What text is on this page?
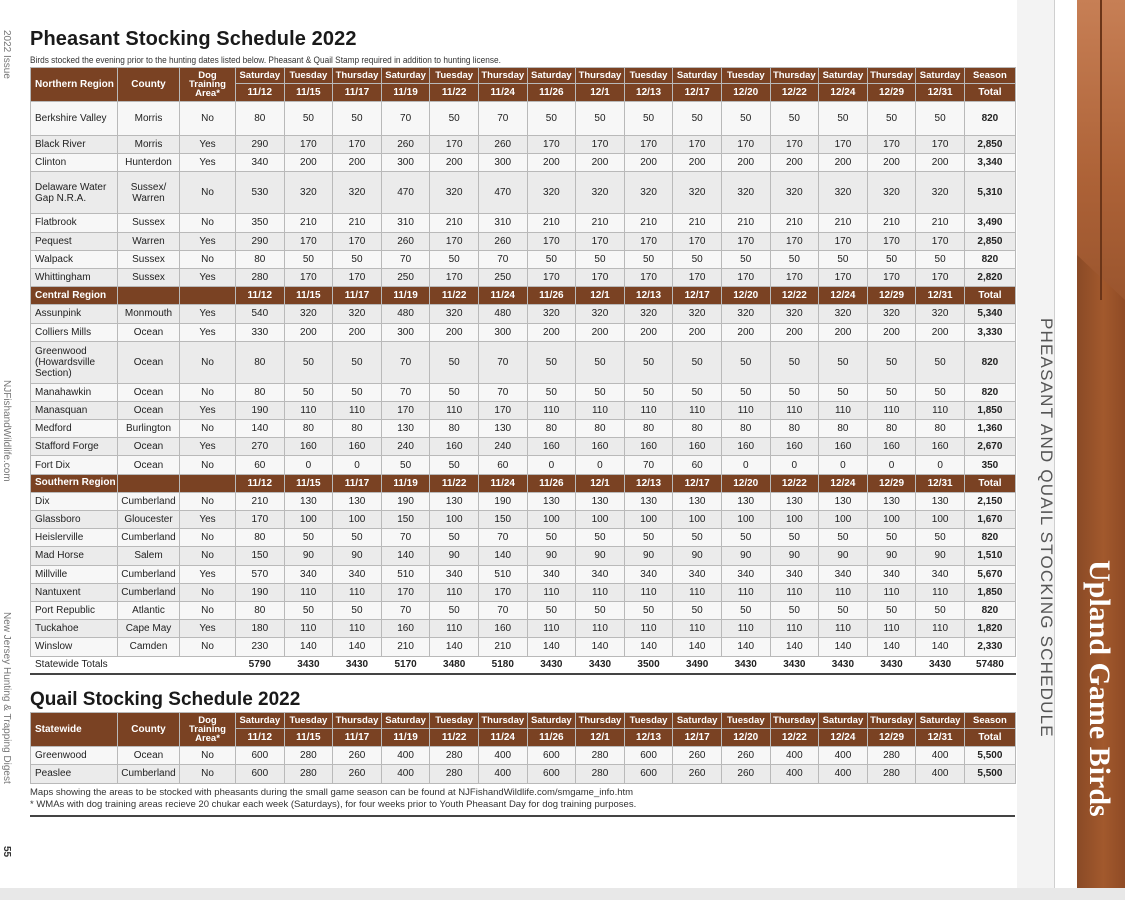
2022 Issue
NJFishandWildlife.com
New Jersey Hunting & Trapping Digest
55
Pheasant Stocking Schedule 2022
Birds stocked the evening prior to the hunting dates listed below. Pheasant & Quail Stamp required in addition to hunting license.
Northern Region	County	Dog Training Area*	Saturday	Tuesday	Thursday	Saturday	Tuesday	Thursday	Saturday	Thursday	Tuesday	Saturday	Tuesday	Thursday	Saturday	Thursday	Saturday	Season
			11/12	11/15	11/17	11/19	11/22	11/24	11/26	12/1	12/13	12/17	12/20	12/22	12/24	12/29	12/31	Total
Berkshire Valley	Morris	No	80	50	50	70	50	70	50	50	50	50	50	50	50	50	50	820
Black River	Morris	Yes	290	170	170	260	170	260	170	170	170	170	170	170	170	170	170	2,850
Clinton	Hunterdon	Yes	340	200	200	300	200	300	200	200	200	200	200	200	200	200	200	3,340
Delaware Water Gap N.R.A.	Sussex/ Warren	No	530	320	320	470	320	470	320	320	320	320	320	320	320	320	320	5,310
Flatbrook	Sussex	No	350	210	210	310	210	310	210	210	210	210	210	210	210	210	210	3,490
Pequest	Warren	Yes	290	170	170	260	170	260	170	170	170	170	170	170	170	170	170	2,850
Walpack	Sussex	No	80	50	50	70	50	70	50	50	50	50	50	50	50	50	50	820
Whittingham	Sussex	Yes	280	170	170	250	170	250	170	170	170	170	170	170	170	170	170	2,820
Central Region			11/12	11/15	11/17	11/19	11/22	11/24	11/26	12/1	12/13	12/17	12/20	12/22	12/24	12/29	12/31	Total
Assunpink	Monmouth	Yes	540	320	320	480	320	480	320	320	320	320	320	320	320	320	320	5,340
Colliers Mills	Ocean	Yes	330	200	200	300	200	300	200	200	200	200	200	200	200	200	200	3,330
Greenwood (Howardsville Section)	Ocean	No	80	50	50	70	50	70	50	50	50	50	50	50	50	50	50	820
Manahawkin	Ocean	No	80	50	50	70	50	70	50	50	50	50	50	50	50	50	50	820
Manasquan	Ocean	Yes	190	110	110	170	110	170	110	110	110	110	110	110	110	110	110	1,850
Medford	Burlington	No	140	80	80	130	80	130	80	80	80	80	80	80	80	80	80	1,360
Stafford Forge	Ocean	Yes	270	160	160	240	160	240	160	160	160	160	160	160	160	160	160	2,670
Fort Dix	Ocean	No	60	0	0	50	50	60	0	0	70	60	0	0	0	0	0	350
Southern Region			11/12	11/15	11/17	11/19	11/22	11/24	11/26	12/1	12/13	12/17	12/20	12/22	12/24	12/29	12/31	Total
Dix	Cumberland	No	210	130	130	190	130	190	130	130	130	130	130	130	130	130	130	2,150
Glassboro	Gloucester	Yes	170	100	100	150	100	150	100	100	100	100	100	100	100	100	100	1,670
Heislerville	Cumberland	No	80	50	50	70	50	70	50	50	50	50	50	50	50	50	50	820
Mad Horse	Salem	No	150	90	90	140	90	140	90	90	90	90	90	90	90	90	90	1,510
Millville	Cumberland	Yes	570	340	340	510	340	510	340	340	340	340	340	340	340	340	340	5,670
Nantuxent	Cumberland	No	190	110	110	170	110	170	110	110	110	110	110	110	110	110	110	1,850
Port Republic	Atlantic	No	80	50	50	70	50	70	50	50	50	50	50	50	50	50	50	820
Tuckahoe	Cape May	Yes	180	110	110	160	110	160	110	110	110	110	110	110	110	110	110	1,820
Winslow	Camden	No	230	140	140	210	140	210	140	140	140	140	140	140	140	140	140	2,330
Statewide Totals			5790	3430	3430	5170	3480	5180	3430	3430	3500	3490	3430	3430	3430	3430	3430	57480
Quail Stocking Schedule 2022
Statewide	County	Dog Training Area*	Saturday	Tuesday	Thursday	Saturday	Tuesday	Thursday	Saturday	Thursday	Tuesday	Saturday	Tuesday	Thursday	Saturday	Thursday	Saturday	Season
			11/12	11/15	11/17	11/19	11/22	11/24	11/26	12/1	12/13	12/17	12/20	12/22	12/24	12/29	12/31	Total
Greenwood	Ocean	No	600	280	260	400	280	400	600	280	600	260	260	400	400	280	400	5,500
Peaslee	Cumberland	No	600	280	260	400	280	400	600	280	600	260	260	400	400	280	400	5,500
Maps showing the areas to be stocked with pheasants during the small game season can be found at NJFishandWildlife.com/smgame_info.htm
* WMAs with dog training areas recieve 20 chukar each week (Saturdays), for four weeks prior to Youth Pheasant Day for dog training purposes.
PHEASANT AND QUAIL STOCKING SCHEDULE Upland Game Birds
